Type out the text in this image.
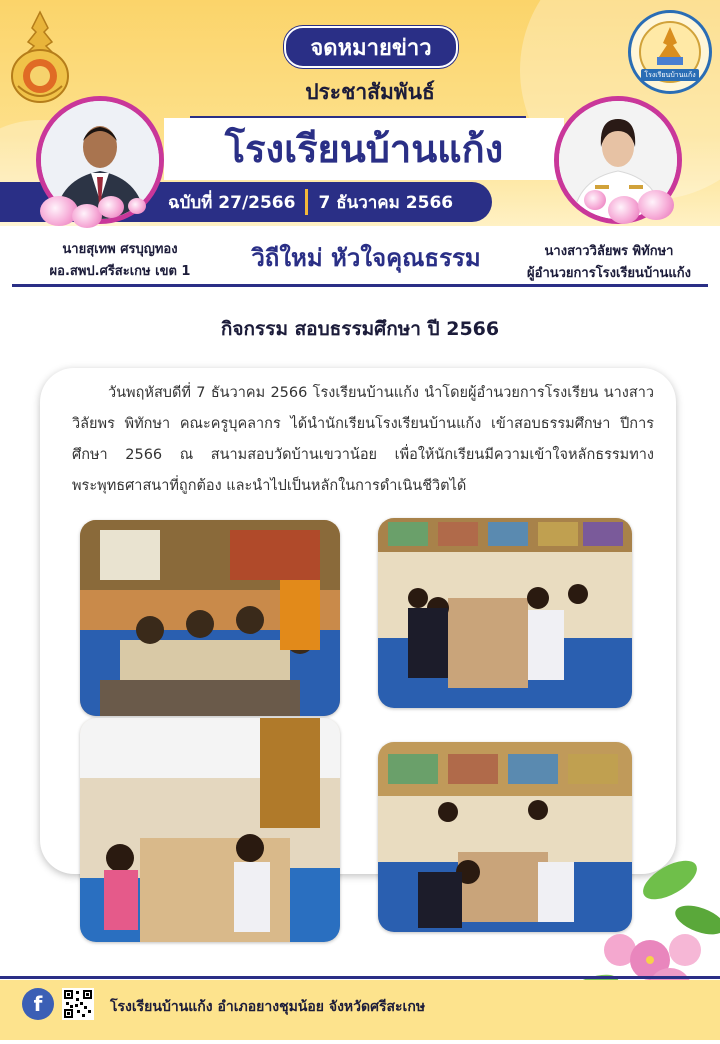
โรงเรียนบ้านแก้ง
จดหมายข่าว
ประชาสัมพันธ์
โรงเรียนบ้านแก้ง
ฉบับที่ 27/2566 7 ธันวาคม 2566
นายสุเทพ ศรบุญทอง
ผอ.สพป.ศรีสะเกษ เขต 1	วิถีใหม่ หัวใจคุณธรรม	นางสาววิลัยพร พิทักษา
ผู้อำนวยการโรงเรียนบ้านแก้ง
กิจกรรม สอบธรรมศึกษา ปี 2566
วันพฤหัสบดีที่ 7 ธันวาคม 2566 โรงเรียนบ้านแก้ง นำโดยผู้อำนวยการโรงเรียน นางสาววิลัยพร พิทักษา คณะครูบุคลากร ได้นำนักเรียนโรงเรียนบ้านแก้ง เข้าสอบธรรมศึกษา ปีการศึกษา 2566 ณ สนามสอบวัดบ้านเขวาน้อย เพื่อให้นักเรียนมีความเข้าใจหลักธรรมทางพระพุทธศาสนาที่ถูกต้อง และนำไปเป็นหลักในการดำเนินชีวิตได้
f	โรงเรียนบ้านแก้ง อำเภอยางชุมน้อย จังหวัดศรีสะเกษ
